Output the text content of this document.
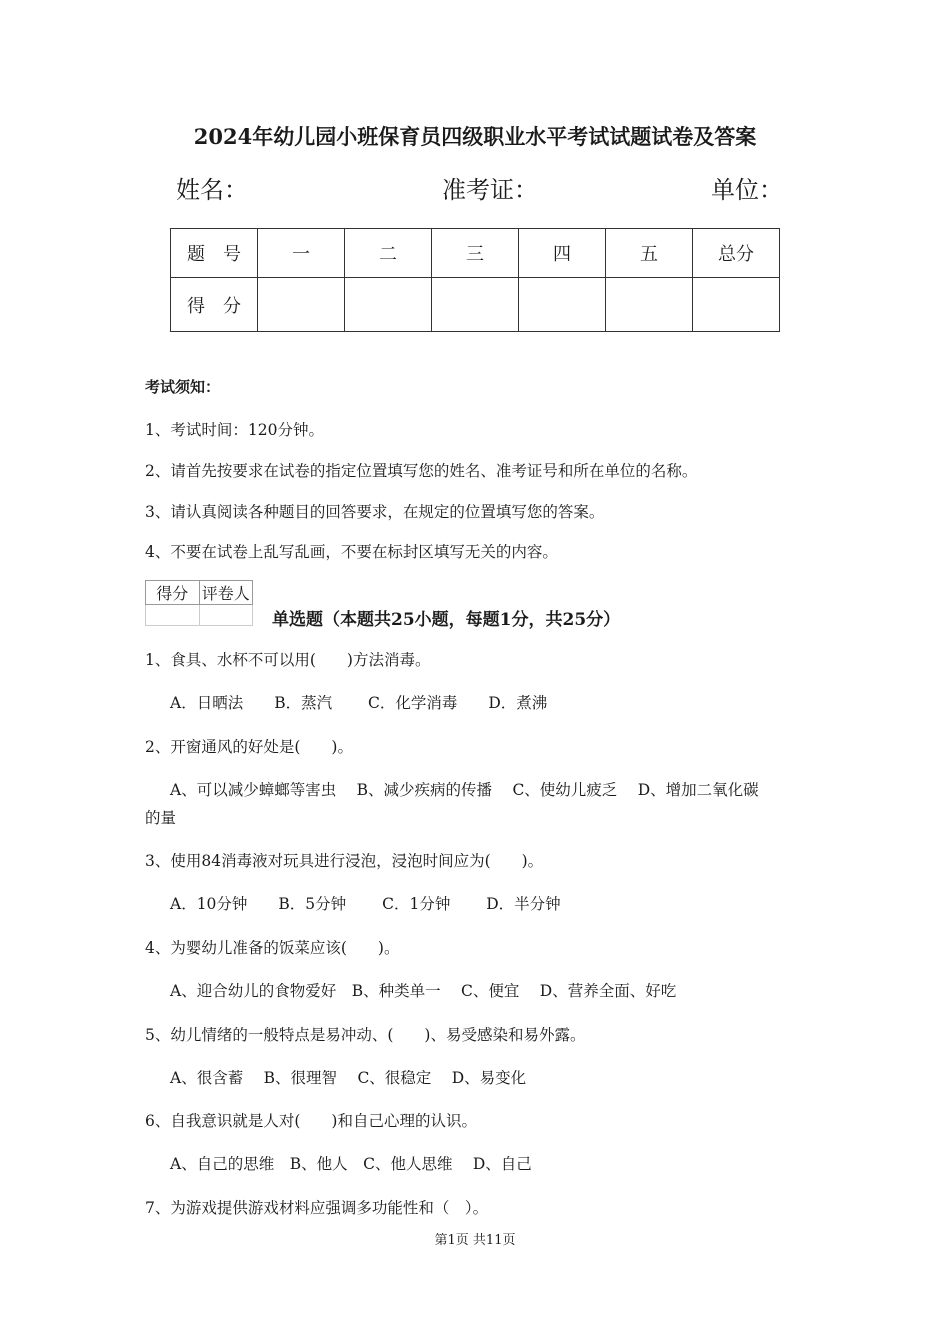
2024年幼儿园小班保育员四级职业水平考试试题试卷及答案
姓名：	准考证：	单位：
题　号	一	二	三	四	五	总分
得　分						
考试须知：
1、考试时间：120分钟。
2、请首先按要求在试卷的指定位置填写您的姓名、准考证号和所在单位的名称。
3、请认真阅读各种题目的回答要求，在规定的位置填写您的答案。
4、不要在试卷上乱写乱画，不要在标封区填写无关的内容。
得分	评卷人

单选题（本题共25小题，每题1分，共25分）
1、食具、水杯不可以用(　　)方法消毒。
A．日晒法　　B．蒸汽　　 C．化学消毒　　D．煮沸
2、开窗通风的好处是(　　)。
A、可以减少蟑螂等害虫　 B、减少疾病的传播　 C、使幼儿疲乏　 D、增加二氧化碳
的量
3、使用84消毒液对玩具进行浸泡，浸泡时间应为(　　)。
A．10分钟　　B．5分钟　　 C．1分钟　　 D．半分钟
4、为婴幼儿准备的饭菜应该(　　)。
A、迎合幼儿的食物爱好　B、种类单一　 C、便宜　 D、营养全面、好吃
5、幼儿情绪的一般特点是易冲动、(　　)、易受感染和易外露。
A、很含蓄　 B、很理智　 C、很稳定　 D、易变化
6、自我意识就是人对(　　)和自己心理的认识。
A、自己的思维　B、他人　C、他人思维　 D、自己
7、为游戏提供游戏材料应强调多功能性和（　）。
第1页 共11页
